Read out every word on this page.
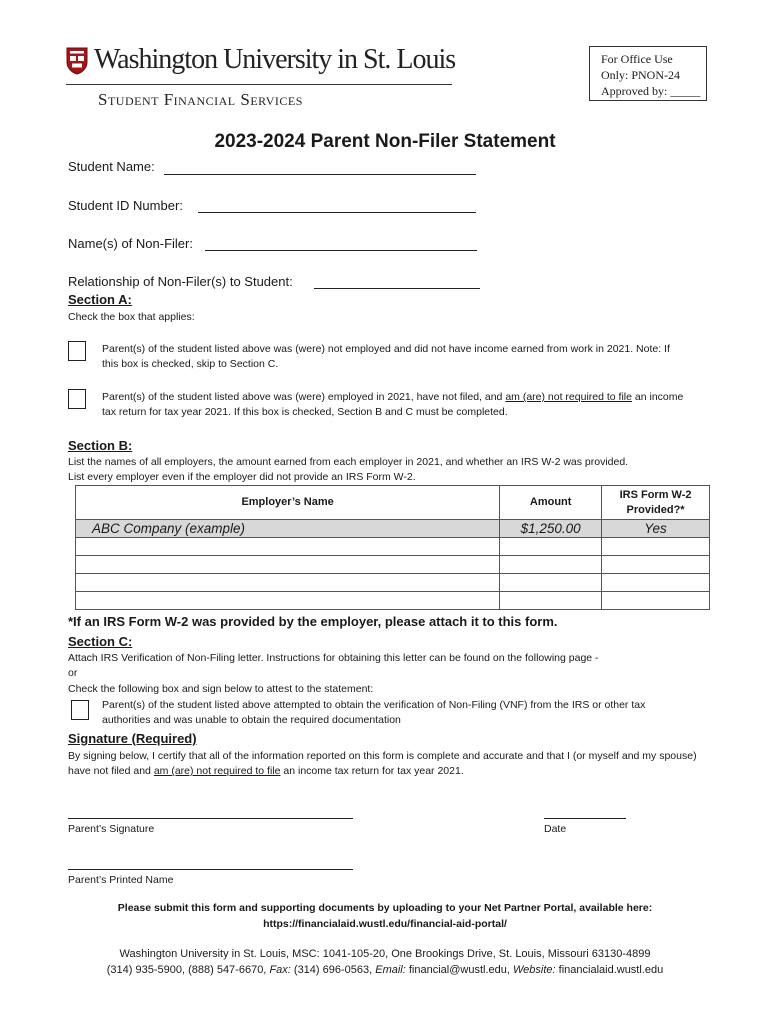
Washington University in St. Louis
Student Financial Services
For Office Use
Only: PNON-24
Approved by: _____
2023-2024 Parent Non-Filer Statement
Student Name:
Student ID Number:
Name(s) of Non-Filer:
Relationship of Non-Filer(s) to Student:
Section A:
Check the box that applies:
Parent(s) of the student listed above was (were) not employed and did not have income earned from work in 2021. Note: If this box is checked, skip to Section C.
Parent(s) of the student listed above was (were) employed in 2021, have not filed, and am (are) not required to file an income tax return for tax year 2021. If this box is checked, Section B and C must be completed.
Section B:
List the names of all employers, the amount earned from each employer in 2021, and whether an IRS W-2 was provided.
List every employer even if the employer did not provide an IRS Form W-2.
Employer’s Name	Amount	IRS Form W-2
Provided?*

ABC Company (example)	$1,250.00	Yes

*If an IRS Form W-2 was provided by the employer, please attach it to this form.
Section C:
Attach IRS Verification of Non-Filing letter. Instructions for obtaining this letter can be found on the following page -
or
Check the following box and sign below to attest to the statement:
Parent(s) of the student listed above attempted to obtain the verification of Non-Filing (VNF) from the IRS or other tax authorities and was unable to obtain the required documentation
Signature (Required)
By signing below, I certify that all of the information reported on this form is complete and accurate and that I (or myself and my spouse) have not filed and am (are) not required to file an income tax return for tax year 2021.
Parent’s Signature	Date
Parent’s Printed Name
Please submit this form and supporting documents by uploading to your Net Partner Portal, available here:
https://financialaid.wustl.edu/financial-aid-portal/
Washington University in St. Louis, MSC: 1041-105-20, One Brookings Drive, St. Louis, Missouri 63130-4899
(314) 935-5900, (888) 547-6670, Fax: (314) 696-0563, Email: financial@wustl.edu, Website: financialaid.wustl.edu
